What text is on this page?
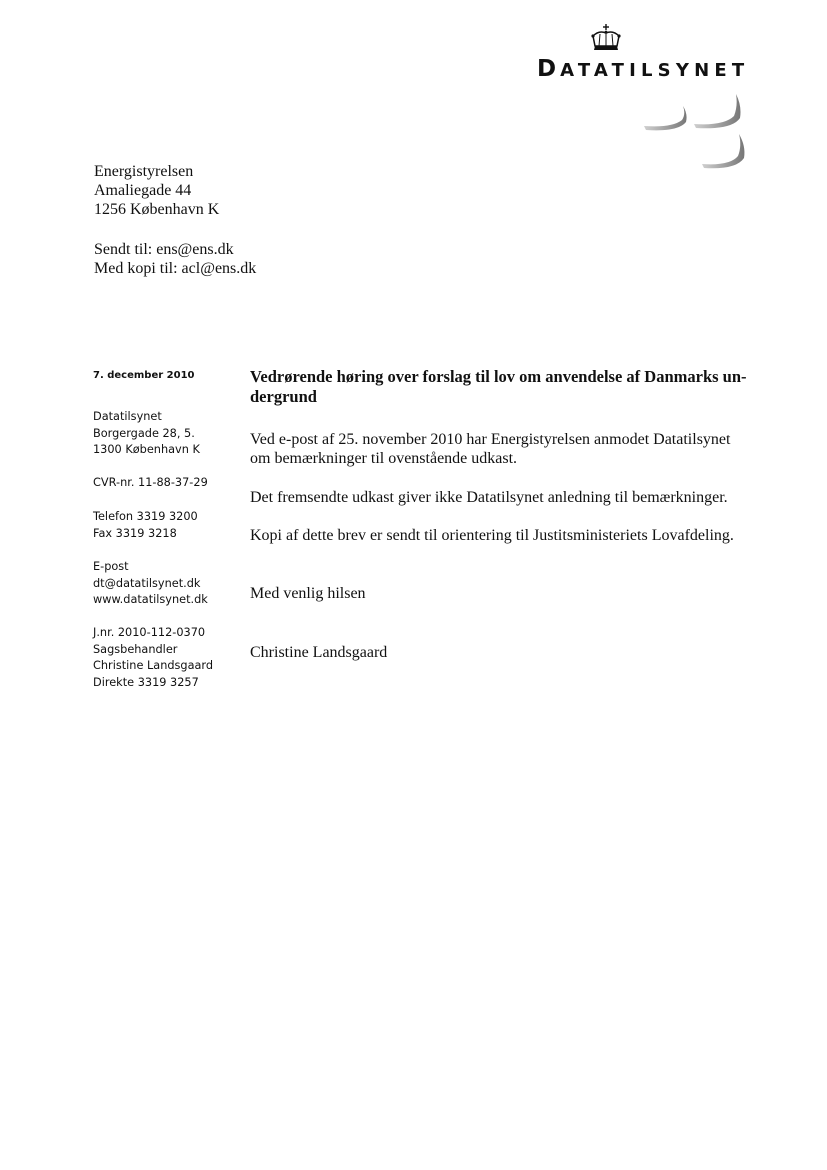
DATATILSYNET
Energistyrelsen
Amaliegade 44
1256 København K
Sendt til: ens@ens.dk
Med kopi til: acl@ens.dk
7. december 2010
Datatilsynet
Borgergade 28, 5.
1300 København K
CVR-nr. 11-88-37-29
Telefon 3319 3200
Fax 3319 3218
E-post
dt@datatilsynet.dk
www.datatilsynet.dk
J.nr. 2010-112-0370
Sagsbehandler
Christine Landsgaard
Direkte 3319 3257
Vedrørende høring over forslag til lov om anvendelse af Danmarks un-
dergrund
Ved e-post af 25. november 2010 har Energistyrelsen anmodet Datatilsynet
om bemærkninger til ovenstående udkast.
Det fremsendte udkast giver ikke Datatilsynet anledning til bemærkninger.
Kopi af dette brev er sendt til orientering til Justitsministeriets Lovafdeling.
Med venlig hilsen
Christine Landsgaard
